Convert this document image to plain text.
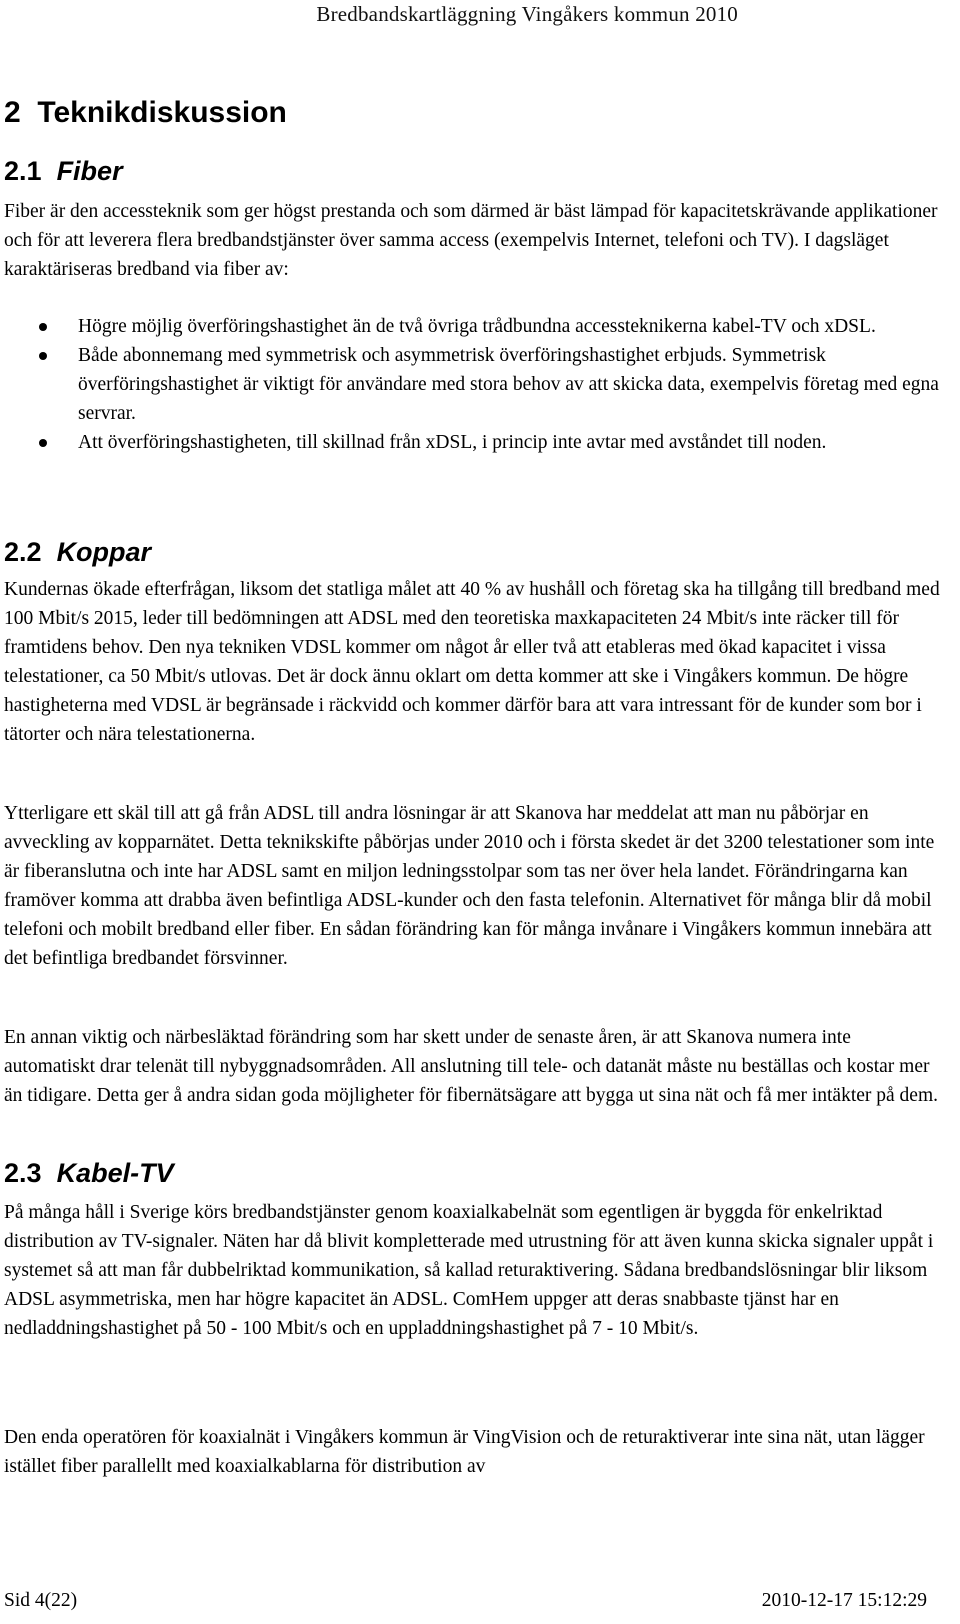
Bredbandskartläggning Vingåkers kommun 2010
2 Teknikdiskussion
2.1 Fiber

Fiber är den accessteknik som ger högst prestanda och som därmed är bäst lämpad för kapacitetskrävande applikationer och för att leverera flera bredbandstjänster över samma access (exempelvis Internet, telefoni och TV). I dagsläget karaktäriseras bredband via fiber av:

Högre möjlig överföringshastighet än de två övriga trådbundna accessteknikerna kabel-TV och xDSL.
Både abonnemang med symmetrisk och asymmetrisk överföringshastighet erbjuds. Symmetrisk överföringshastighet är viktigt för användare med stora behov av att skicka data, exempelvis företag med egna servrar.
Att överföringshastigheten, till skillnad från xDSL, i princip inte avtar med avståndet till noden.
2.2 Koppar

Kundernas ökade efterfrågan, liksom det statliga målet att 40 % av hushåll och företag ska ha tillgång till bredband med 100 Mbit/s 2015, leder till bedömningen att ADSL med den teoretiska maxkapaciteten 24 Mbit/s inte räcker till för framtidens behov. Den nya tekniken VDSL kommer om något år eller två att etableras med ökad kapacitet i vissa telestationer, ca 50 Mbit/s utlovas. Det är dock ännu oklart om detta kommer att ske i Vingåkers kommun. De högre hastigheterna med VDSL är begränsade i räckvidd och kommer därför bara att vara intressant för de kunder som bor i tätorter och nära telestationerna.

Ytterligare ett skäl till att gå från ADSL till andra lösningar är att Skanova har meddelat att man nu påbörjar en avveckling av kopparnätet. Detta teknikskifte påbörjas under 2010 och i första skedet är det 3200 telestationer som inte är fiberanslutna och inte har ADSL samt en miljon ledningsstolpar som tas ner över hela landet. Förändringarna kan framöver komma att drabba även befintliga ADSL-kunder och den fasta telefonin. Alternativet för många blir då mobil telefoni och mobilt bredband eller fiber. En sådan förändring kan för många invånare i Vingåkers kommun innebära att det befintliga bredbandet försvinner.

En annan viktig och närbesläktad förändring som har skett under de senaste åren, är att Skanova numera inte automatiskt drar telenät till nybyggnadsområden. All anslutning till tele- och datanät måste nu beställas och kostar mer än tidigare. Detta ger å andra sidan goda möjligheter för fibernätsägare att bygga ut sina nät och få mer intäkter på dem.

2.3 Kabel-TV

På många håll i Sverige körs bredbandstjänster genom koaxialkabelnät som egentligen är byggda för enkelriktad distribution av TV-signaler. Näten har då blivit kompletterade med utrustning för att även kunna skicka signaler uppåt i systemet så att man får dubbelriktad kommunikation, så kallad returaktivering. Sådana bredbandslösningar blir liksom ADSL asymmetriska, men har högre kapacitet än ADSL. ComHem uppger att deras snabbaste tjänst har en nedladdningshastighet på 50 - 100 Mbit/s och en uppladdningshastighet på 7 - 10 Mbit/s.

Den enda operatören för koaxialnät i Vingåkers kommun är VingVision och de returaktiverar inte sina nät, utan lägger istället fiber parallellt med koaxialkablarna för distribution av

Sid 4(22)	2010-12-17 15:12:29
